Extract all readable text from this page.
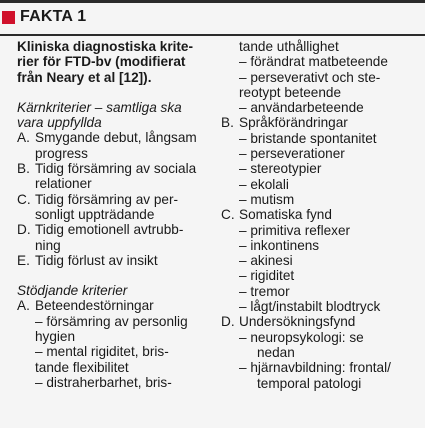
FAKTA 1
Kliniska diagnostiska krite-
rier för FTD-bv (modifierat
från Neary et al [12]).
Kärnkriterier – samtliga ska
vara uppfyllda
A. Smygande debut, långsam
progress
B. Tidig försämring av sociala
relationer
C. Tidig försämring av per-
sonligt uppträdande
D. Tidig emotionell avtrubb-
ning
E. Tidig förlust av insikt
Stödjande kriterier
A. Beteendestörningar
– försämring av personlig
hygien
– mental rigiditet, bris-
tande flexibilitet
– distraherbarhet, bris-
tande uthållighet
– förändrat matbeteende
– perseverativt och ste-
reotypt beteende
– användarbeteende
B. Språkförändringar
– bristande spontanitet
– perseverationer
– stereotypier
– ekolali
– mutism
C. Somatiska fynd
– primitiva reflexer
– inkontinens
– akinesi
– rigiditet
– tremor
– lågt/instabilt blodtryck
D. Undersökningsfynd
– neuropsykologi: se
nedan
– hjärnavbildning: frontal/
temporal patologi
